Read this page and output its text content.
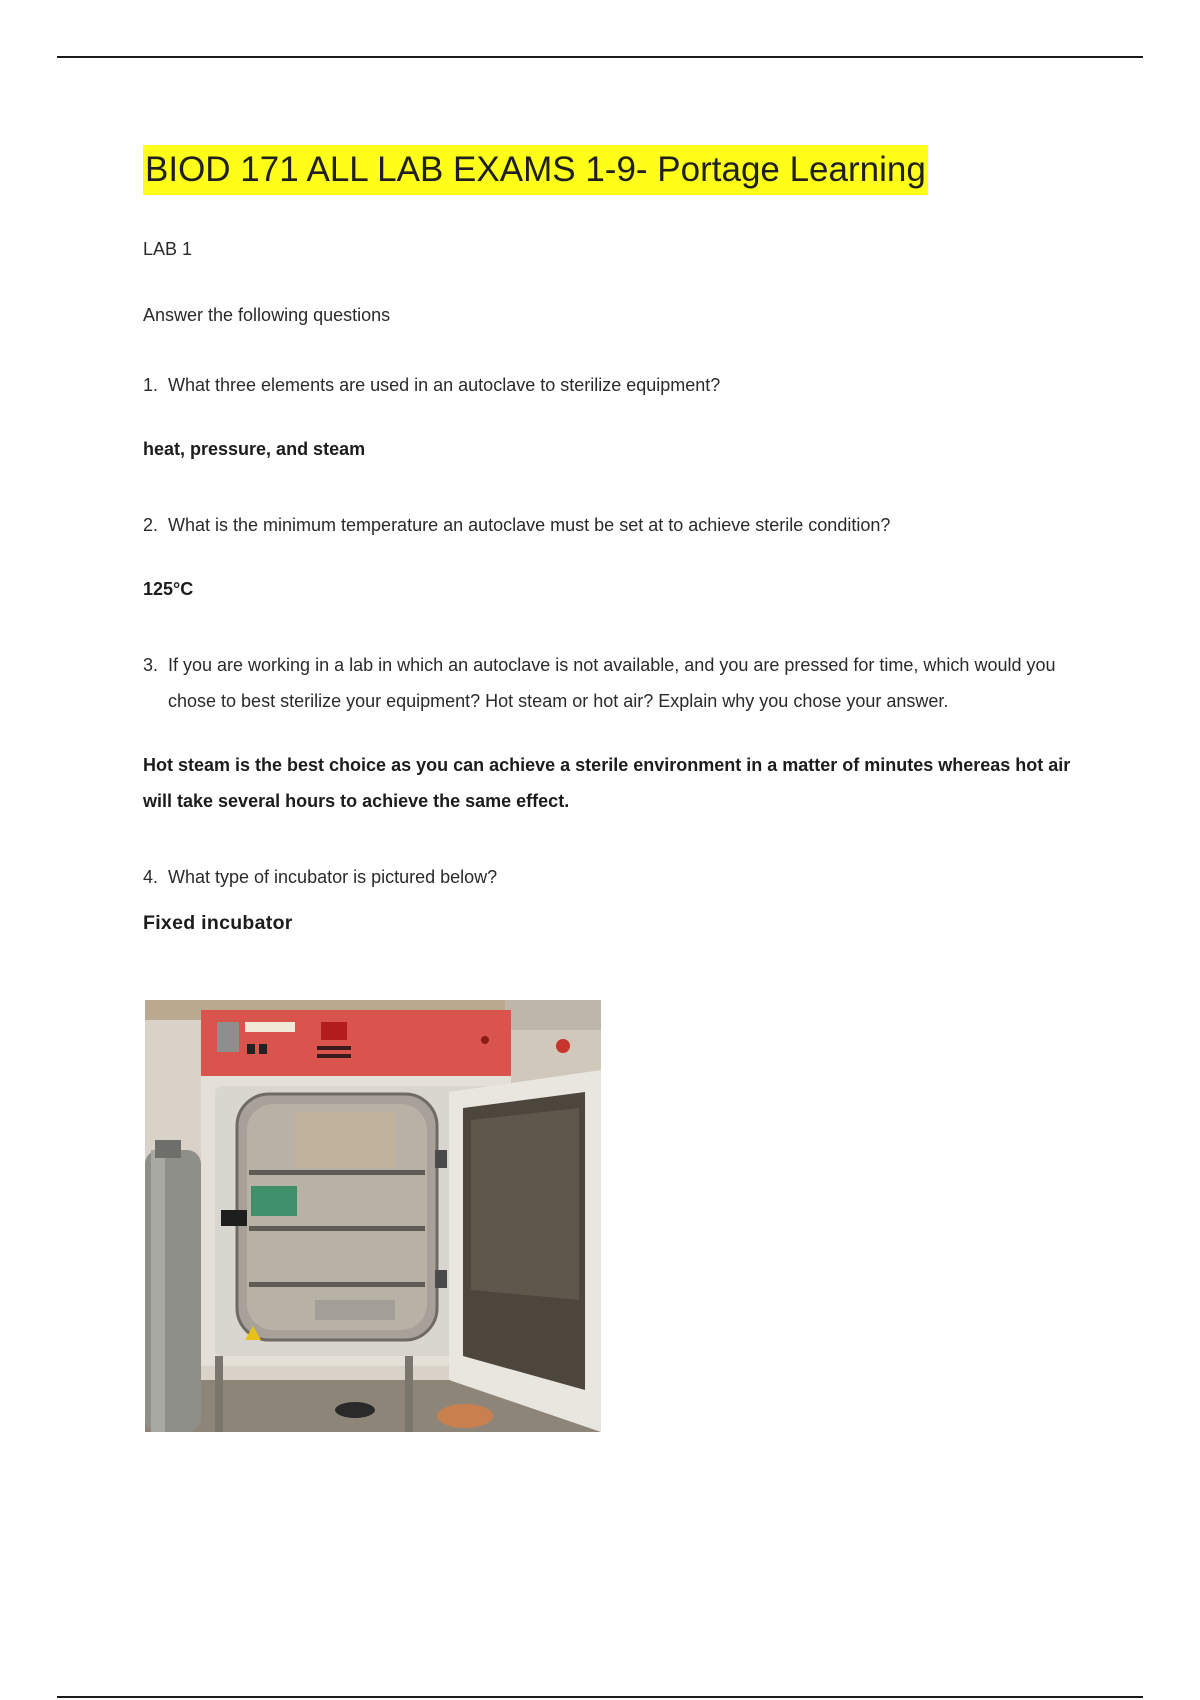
BIOD 171 ALL LAB EXAMS 1-9- Portage Learning
LAB 1
Answer the following questions
1. What three elements are used in an autoclave to sterilize equipment?
heat, pressure, and steam
2. What is the minimum temperature an autoclave must be set at to achieve sterile condition?
125°C
3. If you are working in a lab in which an autoclave is not available, and you are pressed for time, which would you chose to best sterilize your equipment? Hot steam or hot air? Explain why you chose your answer.
Hot steam is the best choice as you can achieve a sterile environment in a matter of minutes whereas hot air will take several hours to achieve the same effect.
4. What type of incubator is pictured below?
Fixed incubator
